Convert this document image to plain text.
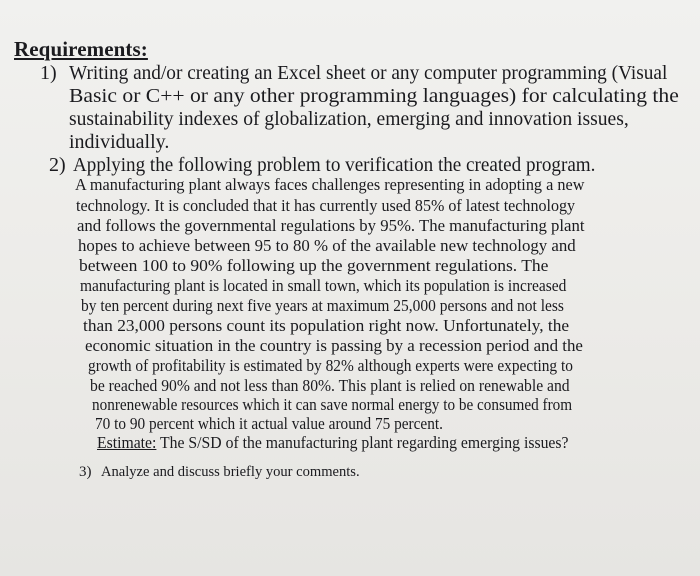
Requirements:
1) Writing and/or creating an Excel sheet or any computer programming (Visual
Basic or C++ or any other programming languages) for calculating the
sustainability indexes of globalization, emerging and innovation issues,
individually.
2) Applying the following problem to verification the created program.
A manufacturing plant always faces challenges representing in adopting a new
technology. It is concluded that it has currently used 85% of latest technology
and follows the governmental regulations by 95%. The manufacturing plant
hopes to achieve between 95 to 80 % of the available new technology and
between 100 to 90% following up the government regulations. The
manufacturing plant is located in small town, which its population is increased
by ten percent during next five years at maximum 25,000 persons and not less
than 23,000 persons count its population right now. Unfortunately, the
economic situation in the country is passing by a recession period and the
growth of profitability is estimated by 82% although experts were expecting to
be reached 90% and not less than 80%. This plant is relied on renewable and
nonrenewable resources which it can save normal energy to be consumed from
70 to 90 percent which it actual value around 75 percent.
Estimate: The S/SD of the manufacturing plant regarding emerging issues?
3) Analyze and discuss briefly your comments.
